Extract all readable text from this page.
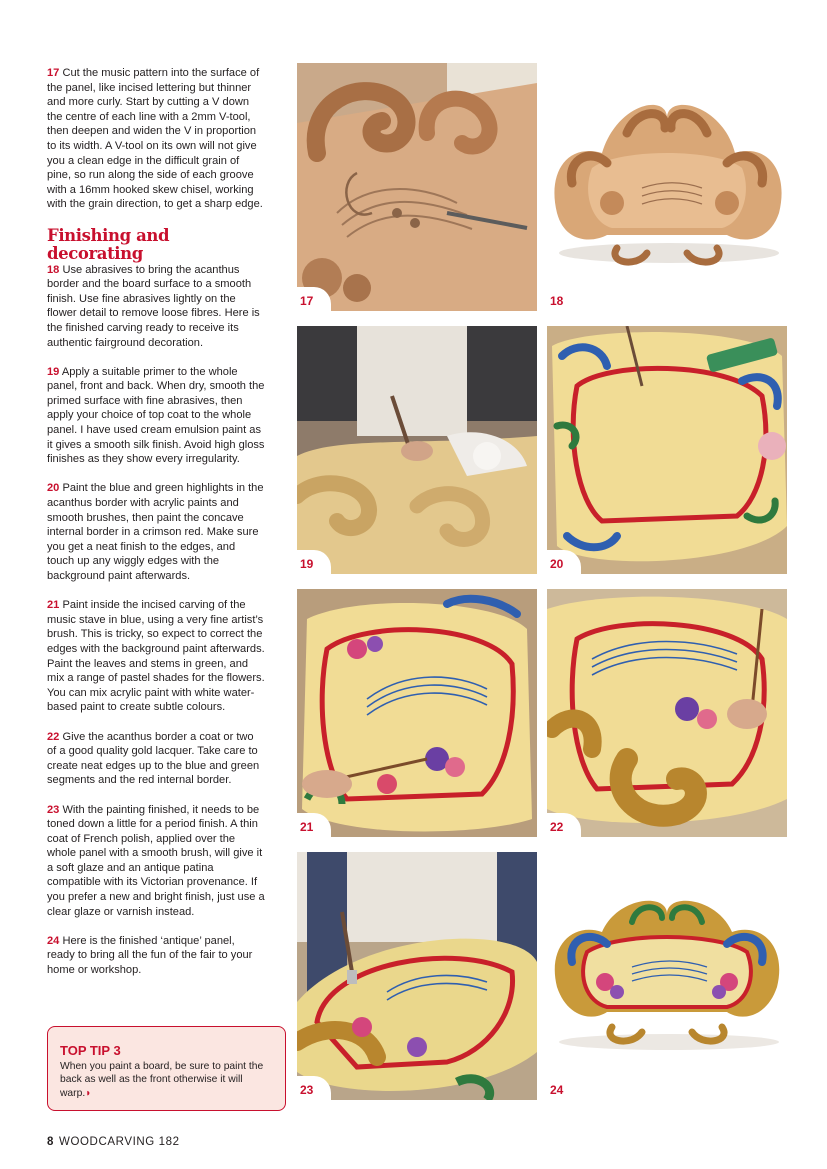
17 Cut the music pattern into the surface of the panel, like incised lettering but thinner and more curly. Start by cutting a V down the centre of each line with a 2mm V-tool, then deepen and widen the V in proportion to its width. A V-tool on its own will not give you a clean edge in the difficult grain of pine, so run along the side of each groove with a 16mm hooked skew chisel, working with the grain direction, to get a sharp edge.

Finishing and decorating

18 Use abrasives to bring the acanthus border and the board surface to a smooth finish. Use fine abrasives lightly on the flower detail to remove loose fibres. Here is the finished carving ready to receive its authentic fairground decoration.

19 Apply a suitable primer to the whole panel, front and back. When dry, smooth the primed surface with fine abrasives, then apply your choice of top coat to the whole panel. I have used cream emulsion paint as it gives a smooth silk finish. Avoid high gloss finishes as they show every irregularity.

20 Paint the blue and green highlights in the acanthus border with acrylic paints and smooth brushes, then paint the concave internal border in a crimson red. Make sure you get a neat finish to the edges, and touch up any wiggly edges with the background paint afterwards.

21 Paint inside the incised carving of the music stave in blue, using a very fine artist’s brush. This is tricky, so expect to correct the edges with the background paint afterwards. Paint the leaves and stems in green, and mix a range of pastel shades for the flowers. You can mix acrylic paint with white water-based paint to create subtle colours.

22 Give the acanthus border a coat or two of a good quality gold lacquer. Take care to create neat edges up to the blue and green segments and the red internal border.

23 With the painting finished, it needs to be toned down a little for a period finish. A thin coat of French polish, applied over the whole panel with a smooth brush, will give it a soft glaze and an antique patina compatible with its Victorian provenance. If you prefer a new and bright finish, just use a clear glaze or varnish instead.

24 Here is the finished ‘antique’ panel, ready to bring all the fun of the fair to your home or workshop.

TOP TIP 3
When you paint a board, be sure to paint the back as well as the front otherwise it will warp.◗
8 WOODCARVING 182
17	18
19	20
21	22
23	24
